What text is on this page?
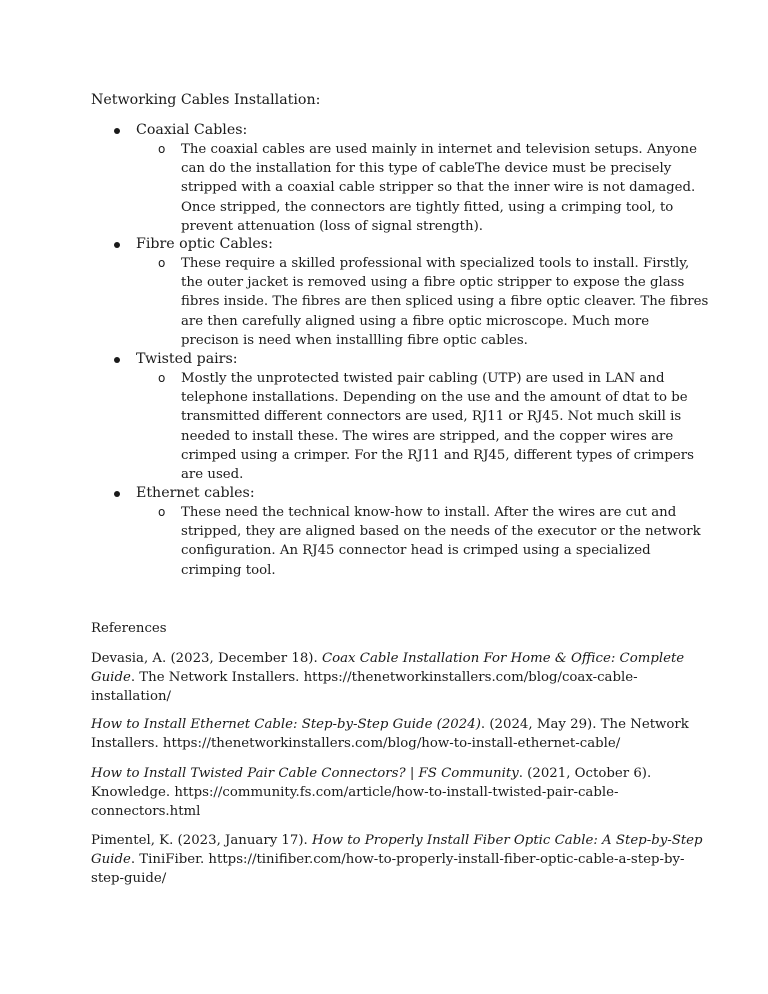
Networking Cables Installation:
Coaxial Cables:
o The coaxial cables are used mainly in internet and television setups. Anyone
can do the installation for this type of cableThe device must be precisely
stripped with a coaxial cable stripper so that the inner wire is not damaged.
Once stripped, the connectors are tightly fitted, using a crimping tool, to
prevent attenuation (loss of signal strength).
Fibre optic Cables:
o These require a skilled professional with specialized tools to install. Firstly,
the outer jacket is removed using a fibre optic stripper to expose the glass
fibres inside. The fibres are then spliced using a fibre optic cleaver. The fibres
are then carefully aligned using a fibre optic microscope. Much more
precison is need when installling fibre optic cables.
Twisted pairs:
o Mostly the unprotected twisted pair cabling (UTP) are used in LAN and
telephone installations. Depending on the use and the amount of dtat to be
transmitted different connectors are used, RJ11 or RJ45. Not much skill is
needed to install these. The wires are stripped, and the copper wires are
crimped using a crimper. For the RJ11 and RJ45, different types of crimpers
are used.
Ethernet cables:
o These need the technical know-how to install. After the wires are cut and
stripped, they are aligned based on the needs of the executor or the network
configuration. An RJ45 connector head is crimped using a specialized
crimping tool.
References
Devasia, A. (2023, December 18). Coax Cable Installation For Home & Office: Complete
Guide. The Network Installers. https://thenetworkinstallers.com/blog/coax-cable-
installation/
How to Install Ethernet Cable: Step-by-Step Guide (2024). (2024, May 29). The Network
Installers. https://thenetworkinstallers.com/blog/how-to-install-ethernet-cable/
How to Install Twisted Pair Cable Connectors? | FS Community. (2021, October 6).
Knowledge. https://community.fs.com/article/how-to-install-twisted-pair-cable-
connectors.html
Pimentel, K. (2023, January 17). How to Properly Install Fiber Optic Cable: A Step-by-Step
Guide. TiniFiber. https://tinifiber.com/how-to-properly-install-fiber-optic-cable-a-step-by-
step-guide/
